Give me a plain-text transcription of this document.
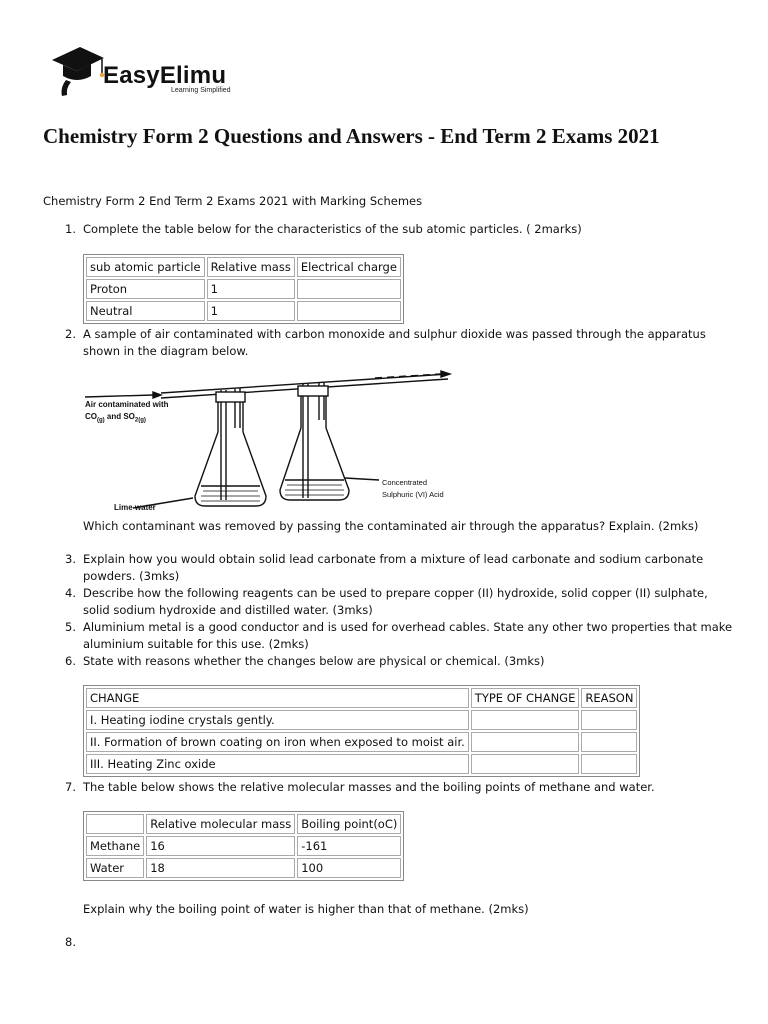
EasyElimu
Learning Simplified
Chemistry Form 2 Questions and Answers - End Term 2 Exams 2021

Chemistry Form 2 End Term 2 Exams 2021 with Marking Schemes

1. Complete the table below for the characteristics of the sub atomic particles. ( 2marks)

sub atomic particle	Relative mass	Electrical charge
Proton	1	
Neutral	1	
2. A sample of air contaminated with carbon monoxide and sulphur dioxide was passed through the apparatus shown in the diagram below.

Air contaminated with
$CO_{(g)}$ and $SO_{2(g)}$
Lime water
Concentrated
Sulphuric (VI) Acid

Which contaminant was removed by passing the contaminated air through the apparatus? Explain. (2mks)

3. Explain how you would obtain solid lead carbonate from a mixture of lead carbonate and sodium carbonate powders. (3mks)

4. Describe how the following reagents can be used to prepare copper (II) hydroxide, solid copper (II) sulphate, solid sodium hydroxide and distilled water. (3mks)

5. Aluminium metal is a good conductor and is used for overhead cables. State any other two properties that make aluminium suitable for this use. (2mks)

6. State with reasons whether the changes below are physical or chemical. (3mks)

CHANGE	TYPE OF CHANGE	REASON
I. Heating iodine crystals gently.		
II. Formation of brown coating on iron when exposed to moist air.		
III. Heating Zinc oxide		
7. The table below shows the relative molecular masses and the boiling points of methane and water.

	Relative molecular mass	Boiling point(oC)
Methane	16	-161
Water	18	100

Explain why the boiling point of water is higher than that of methane. (2mks)

8.
